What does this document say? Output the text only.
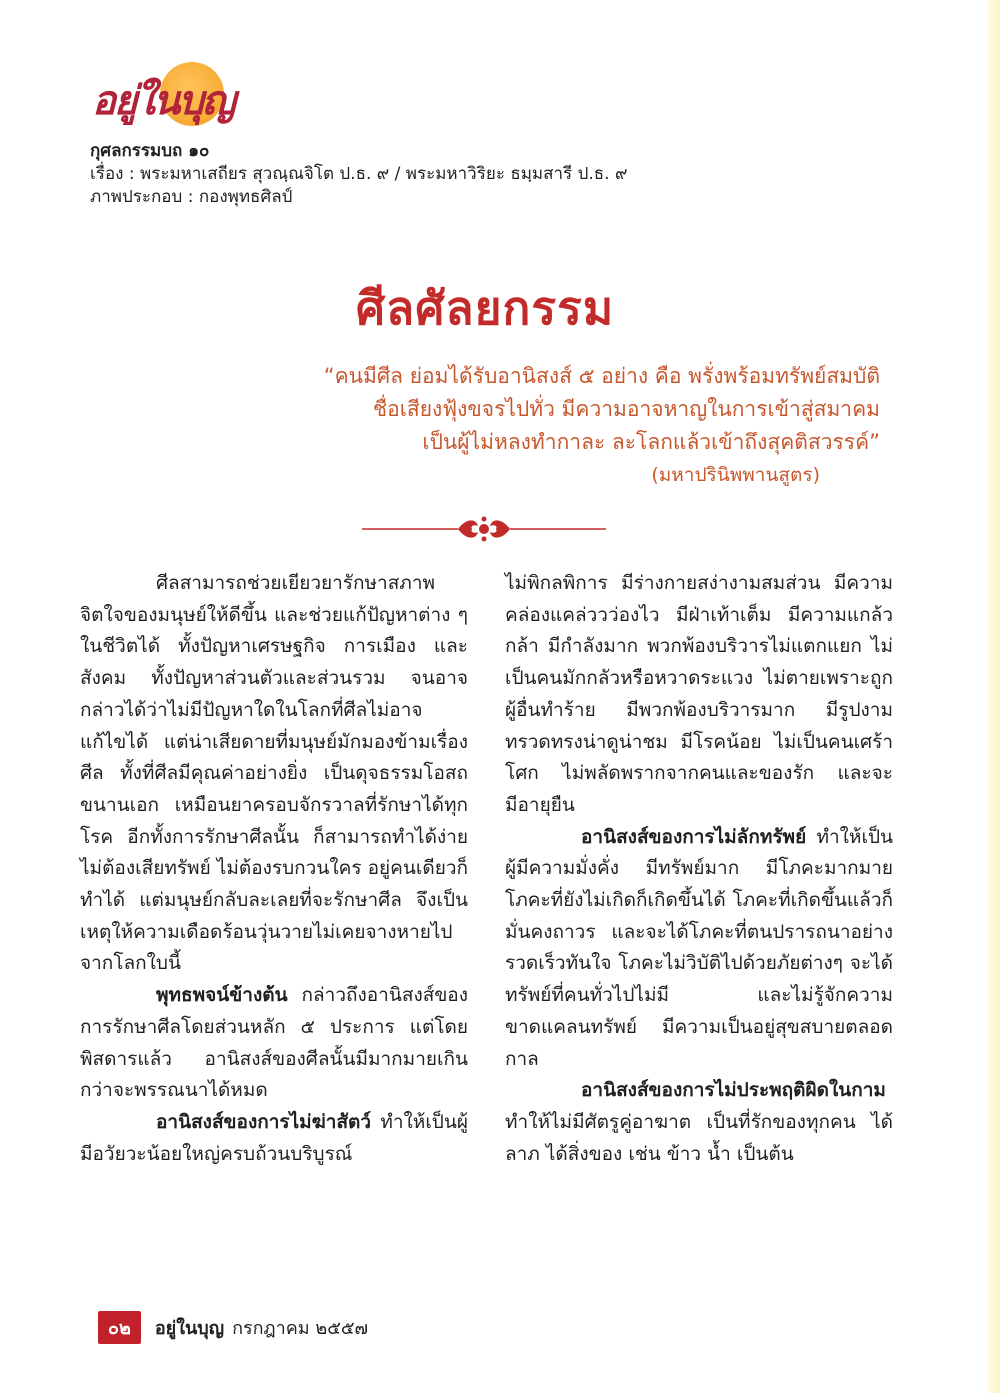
อยู่ในบุญ
กุศลกรรมบถ ๑๐
เรื่อง : พระมหาเสถียร สุวณฺณจิโต ป.ธ. ๙ / พระมหาวิริยะ ธมฺมสารี ป.ธ. ๙
ภาพประกอบ : กองพุทธศิลป์
ศีลศัลยกรรม
“คนมีศีล ย่อมได้รับอานิสงส์ ๕ อย่าง คือ พรั่งพร้อมทรัพย์สมบัติ
ชื่อเสียงฟุ้งขจรไปทั่ว มีความอาจหาญในการเข้าสู่สมาคม
เป็นผู้ไม่หลงทำกาละ ละโลกแล้วเข้าถึงสุคติสวรรค์”
(มหาปรินิพพานสูตร)

ศีลสามารถช่วยเยียวยารักษาสภาพจิตใจของมนุษย์ให้ดีขึ้น และช่วยแก้ปัญหาต่าง ๆ ในชีวิตได้ ทั้งปัญหาเศรษฐกิจ การเมือง และสังคม ทั้งปัญหาส่วนตัวและส่วนรวม จนอาจกล่าวได้ว่าไม่มีปัญหาใดในโลกที่ศีลไม่อาจแก้ไขได้ แต่น่าเสียดายที่มนุษย์มักมองข้ามเรื่องศีล ทั้งที่ศีลมีคุณค่าอย่างยิ่ง เป็นดุจธรรมโอสถขนานเอก เหมือนยาครอบจักรวาลที่รักษาได้ทุกโรค อีกทั้งการรักษาศีลนั้น ก็สามารถทำได้ง่าย ไม่ต้องเสียทรัพย์ ไม่ต้องรบกวนใคร อยู่คนเดียวก็ทำได้ แต่มนุษย์กลับละเลยที่จะรักษาศีล จึงเป็นเหตุให้ความเดือดร้อนวุ่นวายไม่เคยจางหายไปจากโลกใบนี้

พุทธพจน์ข้างต้น กล่าวถึงอานิสงส์ของการรักษาศีลโดยส่วนหลัก ๕ ประการ แต่โดยพิสดารแล้ว อานิสงส์ของศีลนั้นมีมากมายเกินกว่าจะพรรณนาได้หมด

อานิสงส์ของการไม่ฆ่าสัตว์ ทำให้เป็นผู้มีอวัยวะน้อยใหญ่ครบถ้วนบริบูรณ์

ไม่พิกลพิการ มีร่างกายสง่างามสมส่วน มีความคล่องแคล่ววว่องไว มีฝ่าเท้าเต็ม มีความแกล้วกล้า มีกำลังมาก พวกพ้องบริวารไม่แตกแยก ไม่เป็นคนมักกลัวหรือหวาดระแวง ไม่ตายเพราะถูกผู้อื่นทำร้าย มีพวกพ้องบริวารมาก มีรูปงาม ทรวดทรงน่าดูน่าชม มีโรคน้อย ไม่เป็นคนเศร้าโศก ไม่พลัดพรากจากคนและของรัก และจะมีอายุยืน

อานิสงส์ของการไม่ลักทรัพย์ ทำให้เป็นผู้มีความมั่งคั่ง มีทรัพย์มาก มีโภคะมากมาย โภคะที่ยังไม่เกิดก็เกิดขึ้นได้ โภคะที่เกิดขึ้นแล้วก็มั่นคงถาวร และจะได้โภคะที่ตนปรารถนาอย่างรวดเร็วทันใจ โภคะไม่วิบัติไปด้วยภัยต่างๆ จะได้ทรัพย์ที่คนทั่วไปไม่มี และไม่รู้จักความขาดแคลนทรัพย์ มีความเป็นอยู่สุขสบายตลอดกาล

อานิสงส์ของการไม่ประพฤติผิดในกาม

ทำให้ไม่มีศัตรูคู่อาฆาต เป็นที่รักของทุกคน ได้ลาภ ได้สิ่งของ เช่น ข้าว น้ำ เป็นต้น

๐๒	อยู่ในบุญ กรกฎาคม ๒๕๕๗
